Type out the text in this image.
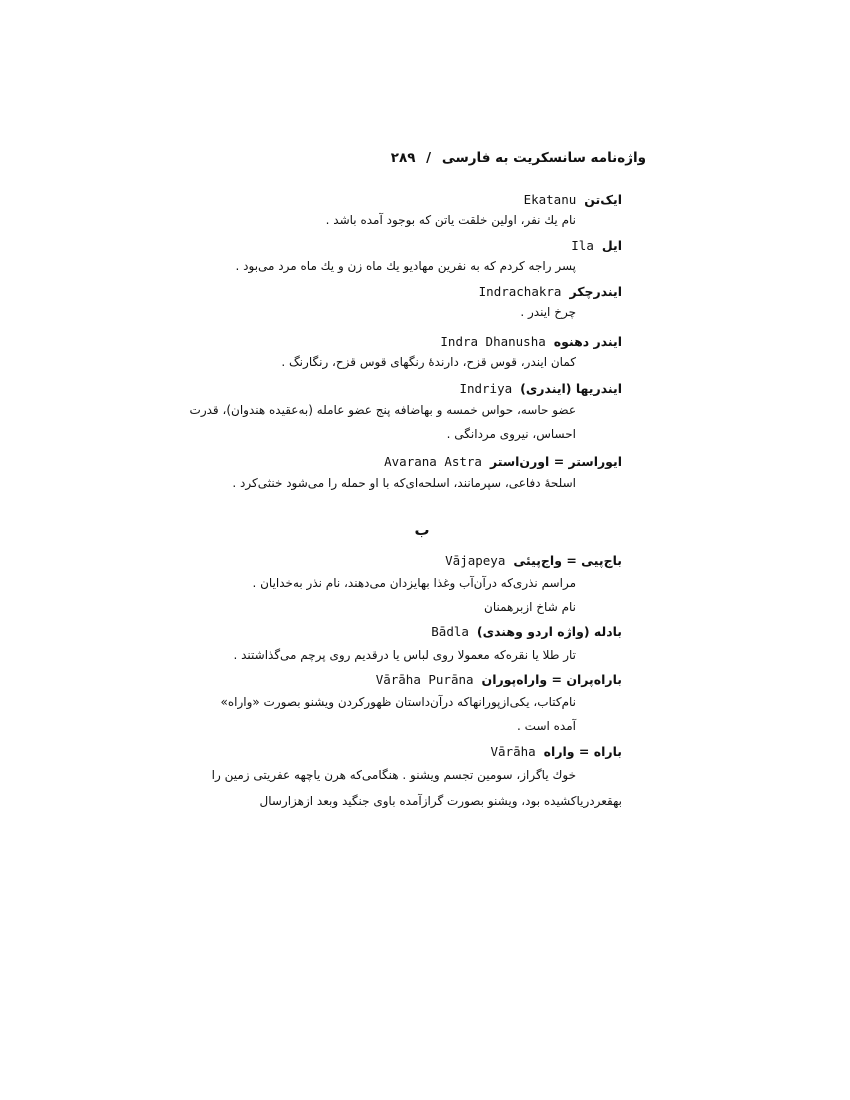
واژه‌نامه سانسکریت به فارسی / ۲۸۹
ایک‌تنEkatanu
نام یك نفر، اولین خلقت یاتن که بوجود آمده باشد .
ایلIla
پسر راجه کردم که به نفرین مهادیو یك ماه زن و یك ماه مرد می‌بود .
ایندرچکرIndrachakra
چرخ ایندر .
ایندر دهنوهIndra Dhanusha
کمان ایندر، قوس قزح، دارندهٔ رنگهای قوس قزح، رنگارنگ .
ایندریها (ایندری)Indriya
عضو حاسه، حواس خمسه و بهاضافه پنج عضو عامله (به‌عقیده هندوان)، قدرت
احساس، نیروی مردانگی .
ایوراستر = اورن‌استرAvarana Astra
اسلحهٔ دفاعی، سپرمانند، اسلحه‌ای‌که با او حمله را می‌شود خنثی‌کرد .
ب
باج‌پیی = واج‌پیئیVājapeya
مراسم نذری‌که درآن‌آب وغذا بهایزدان می‌دهند، نام نذر به‌خدایان .
نام شاخ ازبرهمنان
بادله (واژه اردو وهندی)Bādla
تار طلا یا نقره‌که معمولا روی لباس یا درقدیم روی پرچم می‌گذاشتند .
باراه‌پران = واراه‌پورانVārāha Purāna
نام‌کتاب، یکی‌ازپورانهاکه درآن‌داستان ظهورکردن ویشنو بصورت «واراه»
آمده است .
باراه = واراهVārāha
خوك یاگراز، سومین تجسم ویشنو . هنگامی‌که هرن یاچهه عفریتی زمین را
بهقعردریاکشیده بود، ویشنو بصورت گرازآمده باوی جنگید وبعد ازهزارسال
